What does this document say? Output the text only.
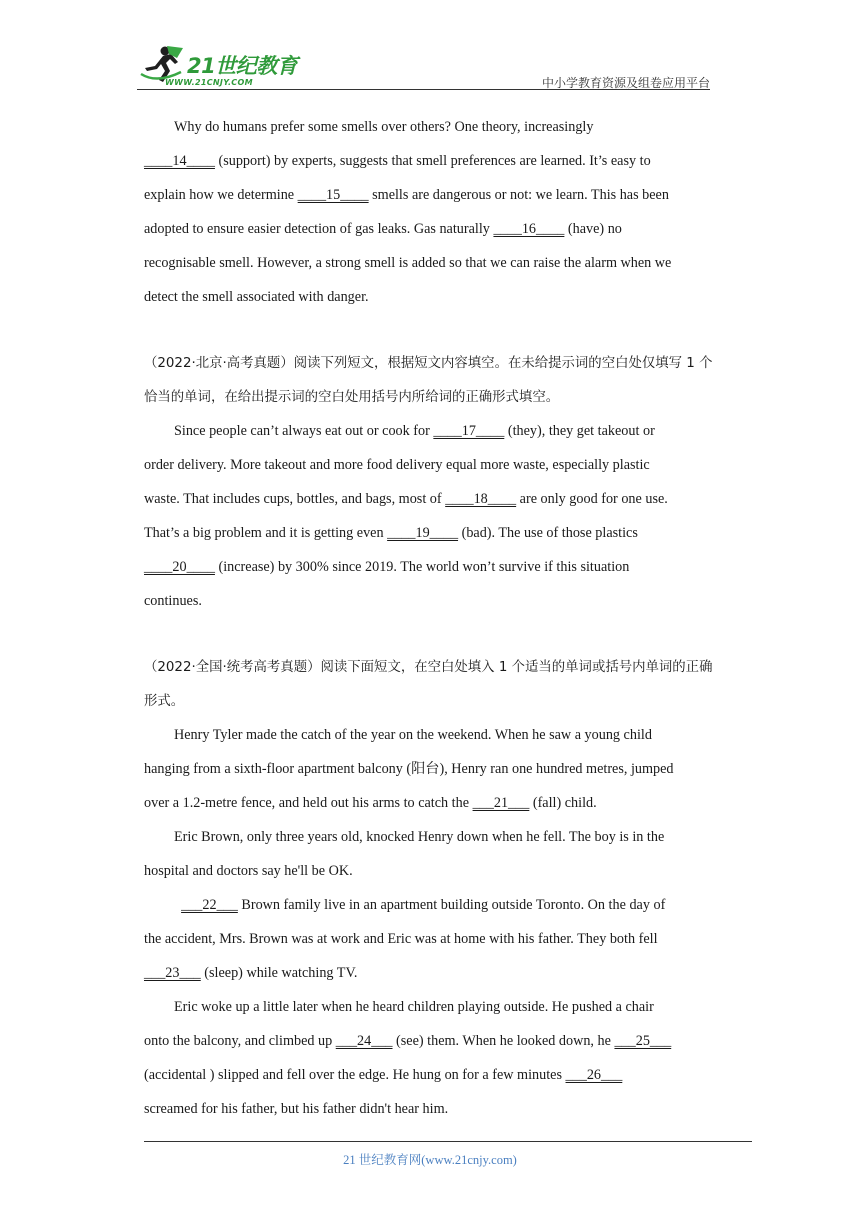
21世纪教育
WWW.21CNJY.COM	中小学教育资源及组卷应用平台

Why do humans prefer some smells over others? One theory, increasingly

____14____ (support) by experts, suggests that smell preferences are learned. It’s easy to

explain how we determine ____15____ smells are dangerous or not: we learn. This has been

adopted to ensure easier detection of gas leaks. Gas naturally ____16____ (have) no

recognisable smell. However, a strong smell is added so that we can raise the alarm when we

detect the smell associated with danger.

（2022·北京·高考真题）阅读下列短文，根据短文内容填空。在未给提示词的空白处仅填写 1 个恰当的单词，在给出提示词的空白处用括号内所给词的正确形式填空。

Since people can’t always eat out or cook for ____17____ (they), they get takeout or

order delivery. More takeout and more food delivery equal more waste, especially plastic

waste. That includes cups, bottles, and bags, most of ____18____ are only good for one use.

That’s a big problem and it is getting even ____19____ (bad). The use of those plastics

____20____ (increase) by 300% since 2019. The world won’t survive if this situation

continues.

（2022·全国·统考高考真题）阅读下面短文，在空白处填入 1 个适当的单词或括号内单词的正确形式。

Henry Tyler made the catch of the year on the weekend. When he saw a young child

hanging from a sixth-floor apartment balcony (阳台), Henry ran one hundred metres, jumped

over a 1.2-metre fence, and held out his arms to catch the ___21___ (fall) child.

Eric Brown, only three years old, knocked Henry down when he fell. The boy is in the

hospital and doctors say he'll be OK.

___22___ Brown family live in an apartment building outside Toronto. On the day of

the accident, Mrs. Brown was at work and Eric was at home with his father. They both fell

___23___ (sleep) while watching TV.

Eric woke up a little later when he heard children playing outside. He pushed a chair

onto the balcony, and climbed up ___24___ (see) them. When he looked down, he ___25___

(accidental ) slipped and fell over the edge. He hung on for a few minutes ___26___

screamed for his father, but his father didn't hear him.

21 世纪教育网(www.21cnjy.com)
